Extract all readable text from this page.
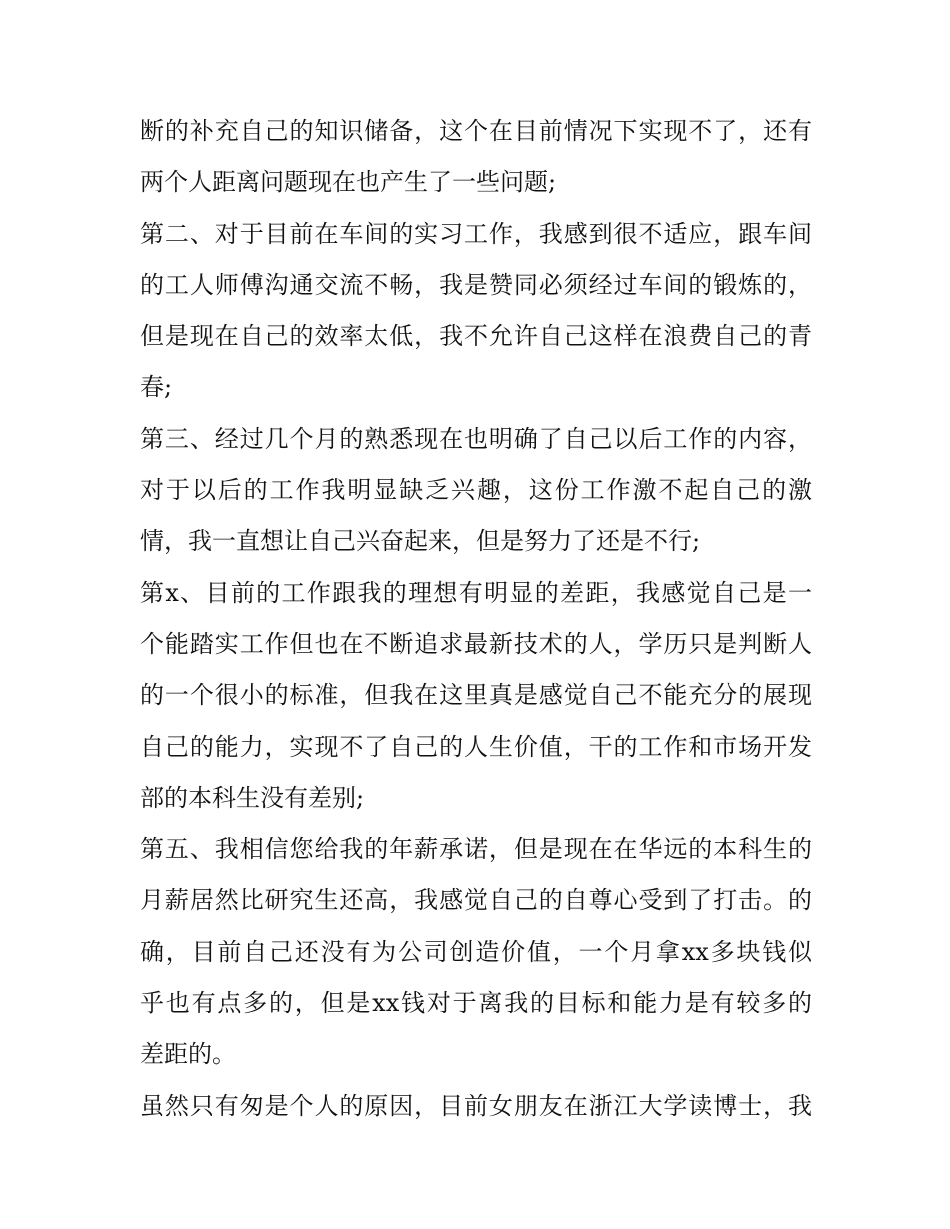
断的补充自己的知识储备，这个在目前情况下实现不了，还有
两个人距离问题现在也产生了一些问题;
第二、对于目前在车间的实习工作，我感到很不适应，跟车间
的工人师傅沟通交流不畅，我是赞同必须经过车间的锻炼的，
但是现在自己的效率太低，我不允许自己这样在浪费自己的青
春;
第三、经过几个月的熟悉现在也明确了自己以后工作的内容，
对于以后的工作我明显缺乏兴趣，这份工作激不起自己的激
情，我一直想让自己兴奋起来，但是努力了还是不行;
第x、目前的工作跟我的理想有明显的差距，我感觉自己是一
个能踏实工作但也在不断追求最新技术的人，学历只是判断人
的一个很小的标准，但我在这里真是感觉自己不能充分的展现
自己的能力，实现不了自己的人生价值，干的工作和市场开发
部的本科生没有差别;
第五、我相信您给我的年薪承诺，但是现在在华远的本科生的
月薪居然比研究生还高，我感觉自己的自尊心受到了打击。的
确，目前自己还没有为公司创造价值，一个月拿xx多块钱似
乎也有点多的，但是xx钱对于离我的目标和能力是有较多的
差距的。
虽然只有匆是个人的原因，目前女朋友在浙江大学读博士，我
